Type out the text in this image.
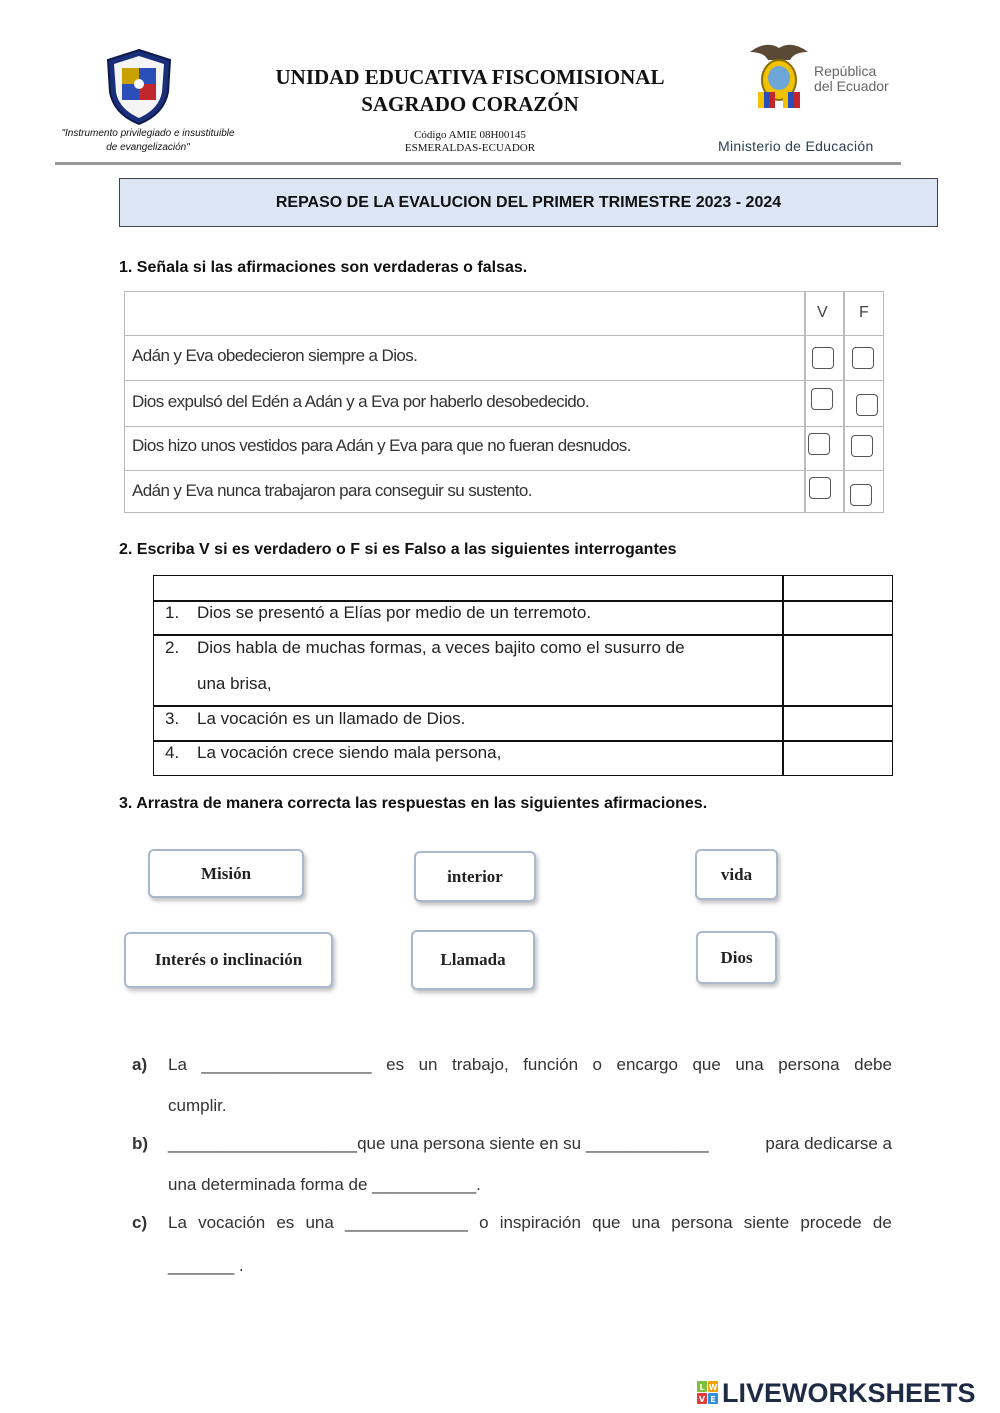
"Instrumento privilegiado e insustituible
de evangelización"
UNIDAD EDUCATIVA FISCOMISIONAL
SAGRADO CORAZÓN
Código AMIE 08H00145
ESMERALDAS-ECUADOR
República
del Ecuador
Ministerio de Educación
REPASO DE LA EVALUCION DEL PRIMER TRIMESTRE 2023 - 2024
1. Señala si las afirmaciones son verdaderas o falsas.
V F
Adán y Eva obedecieron siempre a Dios.
Dios expulsó del Edén a Adán y a Eva por haberlo desobedecido.
Dios hizo unos vestidos para Adán y Eva para que no fueran desnudos.
Adán y Eva nunca trabajaron para conseguir su sustento.
2. Escriba V si es verdadero o F si es Falso a las siguientes interrogantes
1. Dios se presentó a Elías por medio de un terremoto.
2. Dios habla de muchas formas, a veces bajito como el susurro de
una brisa,
3. La vocación es un llamado de Dios.
4. La vocación crece siendo mala persona,
3. Arrastra de manera correcta las respuestas en las siguientes afirmaciones.
Misión	interior	vida
Interés o inclinación	Llamada	Dios
a) La __________________ es un trabajo, función o encargo que una persona debe
cumplir.
b) ____________________que una persona siente en su _____________	para dedicarse a
una determinada forma de ___________.
c) La vocación es una _____________ o inspiración que una persona siente procede de
_______ .
L W
V E LIVEWORKSHEETS
